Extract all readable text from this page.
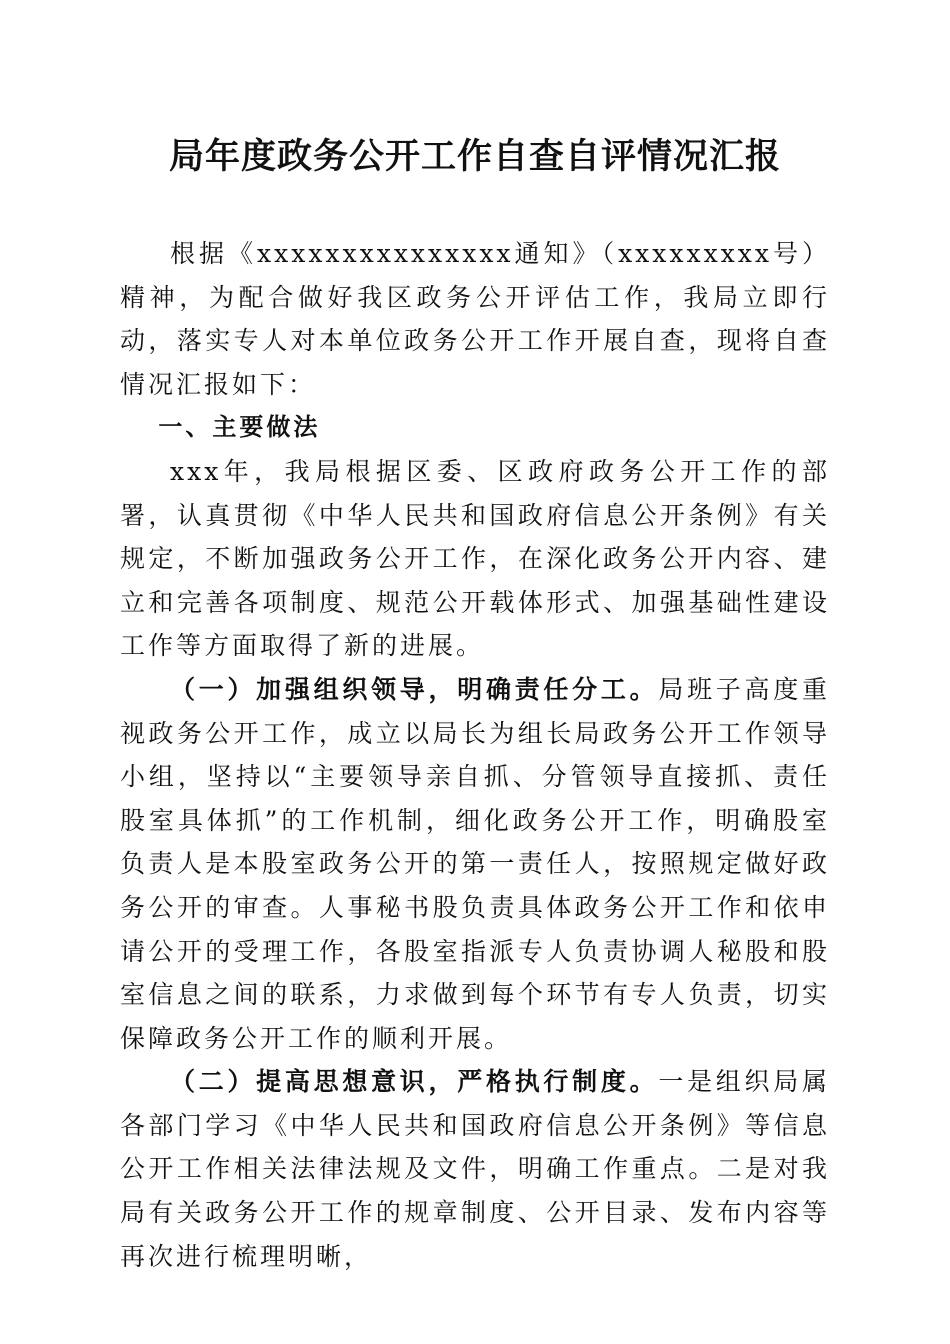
局年度政务公开工作自查自评情况汇报

根据《xxxxxxxxxxxxxxx通知》（xxxxxxxxx号）精神，为配合做好我区政务公开评估工作，我局立即行动，落实专人对本单位政务公开工作开展自查，现将自查情况汇报如下：

一、主要做法

xxx年，我局根据区委、区政府政务公开工作的部署，认真贯彻《中华人民共和国政府信息公开条例》有关规定，不断加强政务公开工作，在深化政务公开内容、建立和完善各项制度、规范公开载体形式、加强基础性建设工作等方面取得了新的进展。

（一）加强组织领导，明确责任分工。局班子高度重视政务公开工作，成立以局长为组长局政务公开工作领导小组，坚持以“主要领导亲自抓、分管领导直接抓、责任股室具体抓”的工作机制，细化政务公开工作，明确股室负责人是本股室政务公开的第一责任人，按照规定做好政务公开的审查。人事秘书股负责具体政务公开工作和依申请公开的受理工作，各股室指派专人负责协调人秘股和股室信息之间的联系，力求做到每个环节有专人负责，切实保障政务公开工作的顺利开展。

（二）提高思想意识，严格执行制度。一是组织局属各部门学习《中华人民共和国政府信息公开条例》等信息公开工作相关法律法规及文件，明确工作重点。二是对我局有关政务公开工作的规章制度、公开目录、发布内容等再次进行梳理明晰，
